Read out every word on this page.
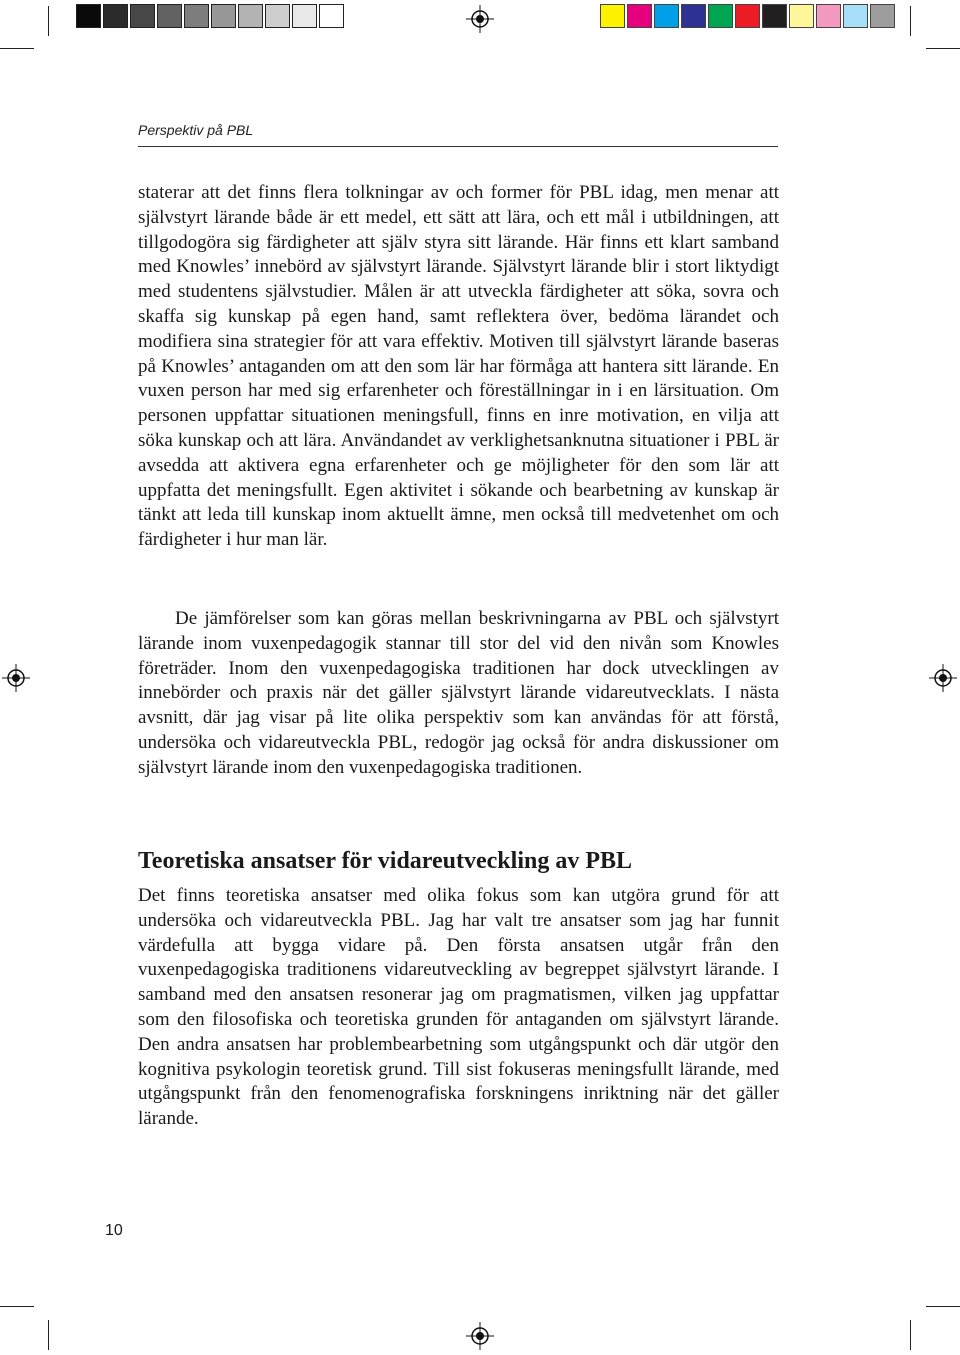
Perspektiv på PBL

staterar att det finns flera tolkningar av och former för PBL idag, men menar att självstyrt lärande både är ett medel, ett sätt att lära, och ett mål i utbildningen, att tillgodogöra sig färdigheter att själv styra sitt lärande. Här finns ett klart samband med Knowles’ innebörd av självstyrt lärande. Självstyrt lärande blir i stort liktydigt med studentens självstudier. Målen är att utveckla färdigheter att söka, sovra och skaffa sig kunskap på egen hand, samt reflektera över, bedöma lärandet och modifiera sina strategier för att vara effektiv. Motiven till självstyrt lärande baseras på Knowles’ antaganden om att den som lär har förmåga att hantera sitt lärande. En vuxen person har med sig erfarenheter och föreställningar in i en lärsituation. Om personen uppfattar situationen meningsfull, finns en inre motivation, en vilja att söka kunskap och att lära. Användandet av verklighetsanknutna situationer i PBL är avsedda att aktivera egna erfarenheter och ge möjligheter för den som lär att uppfatta det meningsfullt. Egen aktivitet i sökande och bearbetning av kunskap är tänkt att leda till kunskap inom aktuellt ämne, men också till medvetenhet om och färdigheter i hur man lär.

De jämförelser som kan göras mellan beskrivningarna av PBL och självstyrt lärande inom vuxenpedagogik stannar till stor del vid den nivån som Knowles företräder. Inom den vuxenpedagogiska traditionen har dock utvecklingen av innebörder och praxis när det gäller självstyrt lärande vidareutvecklats. I nästa avsnitt, där jag visar på lite olika perspektiv som kan användas för att förstå, undersöka och vidareutveckla PBL, redogör jag också för andra diskussioner om självstyrt lärande inom den vuxenpedagogiska traditionen.

Teoretiska ansatser för vidareutveckling av PBL

Det finns teoretiska ansatser med olika fokus som kan utgöra grund för att undersöka och vidareutveckla PBL. Jag har valt tre ansatser som jag har funnit värdefulla att bygga vidare på. Den första ansatsen utgår från den vuxenpedagogiska traditionens vidareutveckling av begreppet självstyrt lärande. I samband med den ansatsen resonerar jag om pragmatismen, vilken jag uppfattar som den filosofiska och teoretiska grunden för antaganden om självstyrt lärande. Den andra ansatsen har problembearbetning som utgångspunkt och där utgör den kognitiva psykologin teoretisk grund. Till sist fokuseras meningsfullt lärande, med utgångspunkt från den fenomenografiska forskningens inriktning när det gäller lärande.

10
